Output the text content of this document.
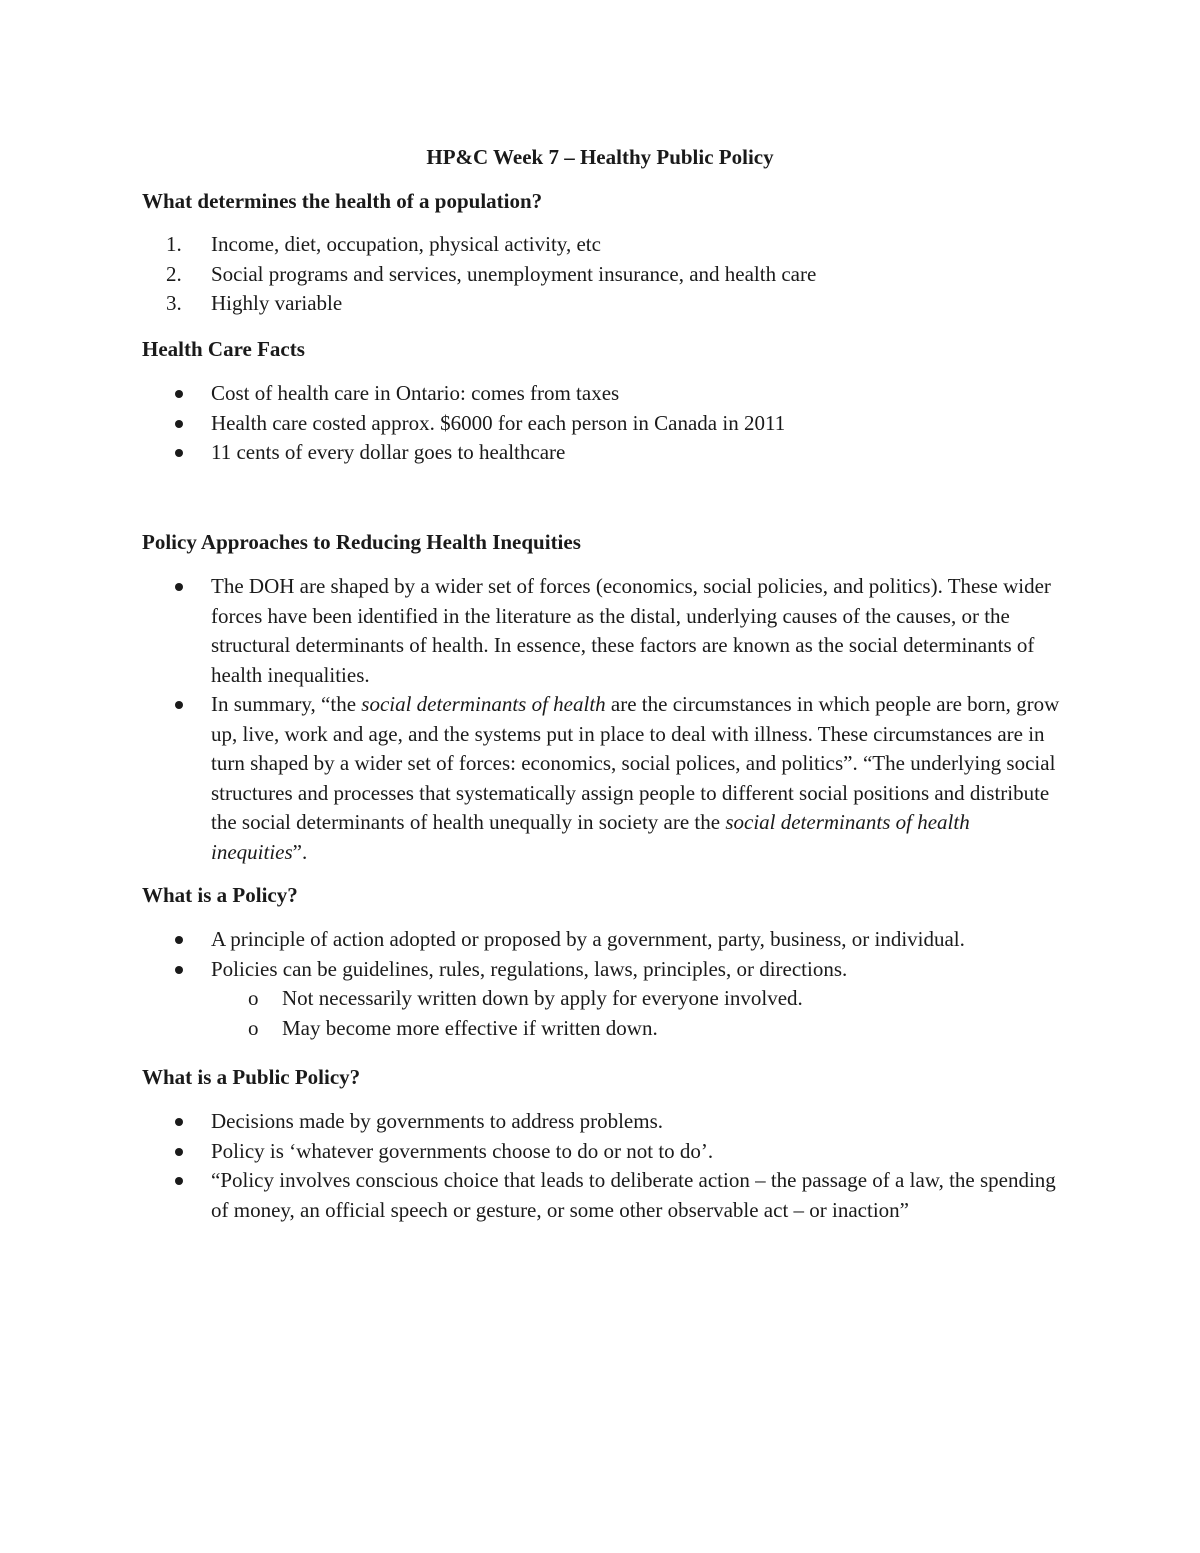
HP&C Week 7 – Healthy Public Policy
What determines the health of a population?
1.	Income, diet, occupation, physical activity, etc
2.	Social programs and services, unemployment insurance, and health care
3.	Highly variable
Health Care Facts
Cost of health care in Ontario: comes from taxes
Health care costed approx. $6000 for each person in Canada in 2011
11 cents of every dollar goes to healthcare
Policy Approaches to Reducing Health Inequities
The DOH are shaped by a wider set of forces (economics, social policies, and politics). These wider forces have been identified in the literature as the distal, underlying causes of the causes, or the structural determinants of health. In essence, these factors are known as the social determinants of health inequalities.
In summary, “the social determinants of health are the circumstances in which people are born, grow up, live, work and age, and the systems put in place to deal with illness. These circumstances are in turn shaped by a wider set of forces: economics, social polices, and politics”. “The underlying social structures and processes that systematically assign people to different social positions and distribute the social determinants of health unequally in society are the social determinants of health inequities”.
What is a Policy?
A principle of action adopted or proposed by a government, party, business, or individual.
Policies can be guidelines, rules, regulations, laws, principles, or directions.
o Not necessarily written down by apply for everyone involved.
o May become more effective if written down.
What is a Public Policy?
Decisions made by governments to address problems.
Policy is ‘whatever governments choose to do or not to do’.
“Policy involves conscious choice that leads to deliberate action – the passage of a law, the spending of money, an official speech or gesture, or some other observable act – or inaction”
